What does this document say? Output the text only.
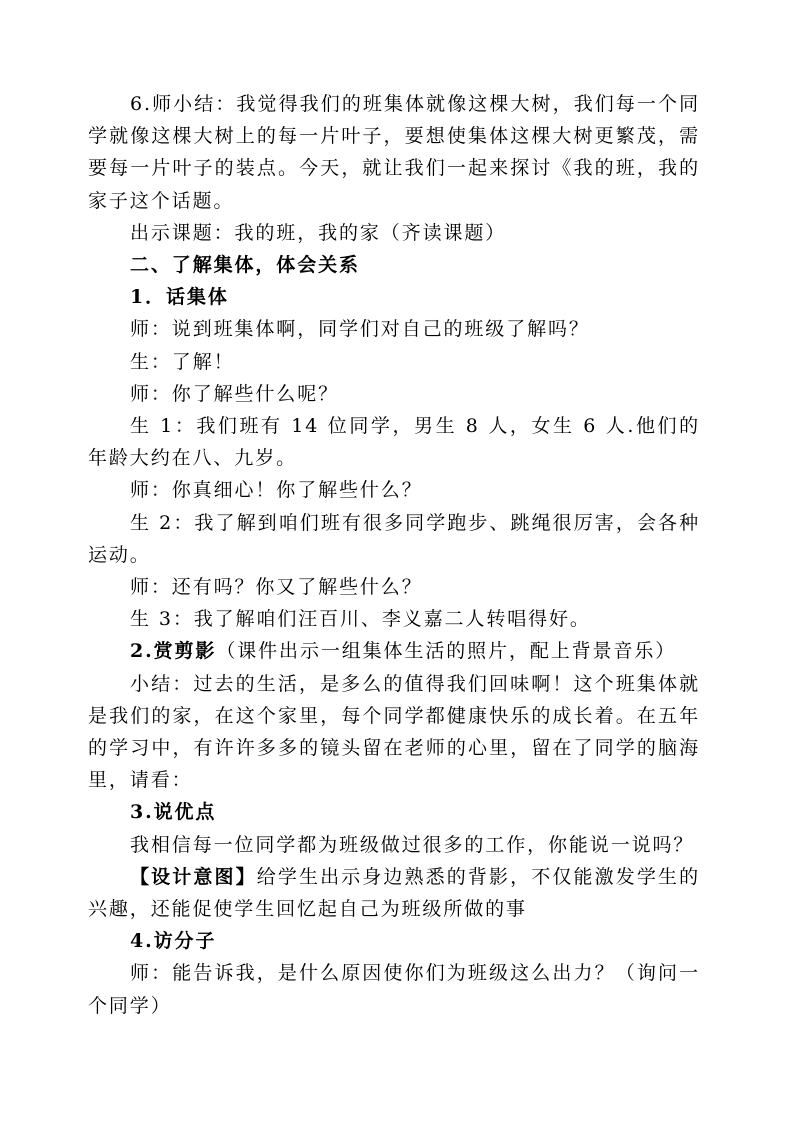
6.师小结：我觉得我们的班集体就像这棵大树，我们每一个同学就像这棵大树上的每一片叶子，要想使集体这棵大树更繁茂，需要每一片叶子的装点。今天，就让我们一起来探讨《我的班，我的家子这个话题。

出示课题：我的班，我的家（齐读课题）

二、了解集体，体会关系

1．话集体

师：说到班集体啊，同学们对自己的班级了解吗？

生：了解！

师：你了解些什么呢？

生 1：我们班有 14 位同学，男生 8 人，女生 6 人.他们的年龄大约在八、九岁。

师：你真细心！你了解些什么？

生 2：我了解到咱们班有很多同学跑步、跳绳很厉害，会各种运动。

师：还有吗？你又了解些什么？

生 3：我了解咱们汪百川、李义嘉二人转唱得好。

2.赏剪影（课件出示一组集体生活的照片，配上背景音乐）

小结：过去的生活，是多么的值得我们回味啊！这个班集体就是我们的家，在这个家里，每个同学都健康快乐的成长着。在五年的学习中，有许许多多的镜头留在老师的心里，留在了同学的脑海里，请看：

3.说优点

我相信每一位同学都为班级做过很多的工作，你能说一说吗？

【设计意图】给学生出示身边熟悉的背影，不仅能激发学生的兴趣，还能促使学生回忆起自己为班级所做的事

4.访分子

师：能告诉我，是什么原因使你们为班级这么出力？（询问一个同学）
